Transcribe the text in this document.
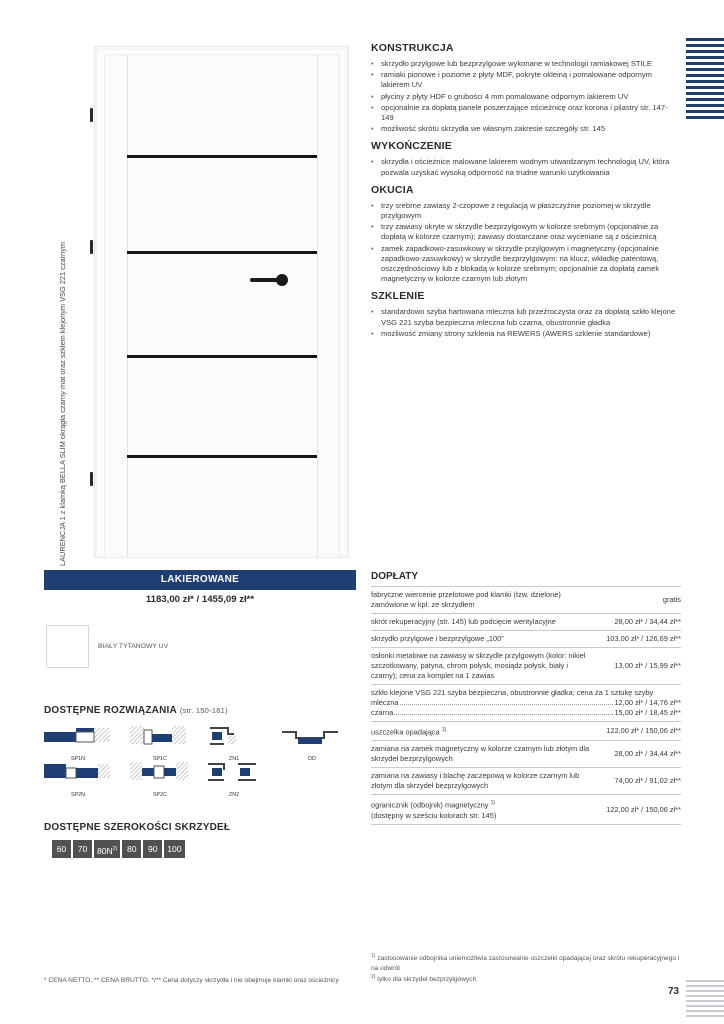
LAURENCJA 1 z klamką BELLA SLIM okrągła czarny mat oraz szkłem klejonym VSG 221 czarnym
KONSTRUKCJA
• skrzydło przylgowe lub bezprzylgowe wykonane w technologii ramiakowej STILE
• ramiaki pionowe i poziome z płyty MDF, pokryte okleiną i pomalowane odpornym lakierem UV
• płyciny z płyty HDF o grubości 4 mm pomalowane odpornym lakierem UV
• opcjonalnie za dopłatą panele poszerzające ościeżnicę oraz korona i pilastry str. 147-149
• możliwość skrótu skrzydła we własnym zakresie szczegóły str. 145
WYKOŃCZENIE
• skrzydła i ościeżnice malowane lakierem wodnym utwardzanym technologią UV, która pozwala uzyskać wysoką odporność na trudne warunki użytkowania
OKUCIA
• trzy srebrne zawiasy 2-czopowe z regulacją w płaszczyźnie poziomej w skrzydle przylgowym
• trzy zawiasy ukryte w skrzydle bezprzylgowym w kolorze srebrnym (opcjonalnie za dopłatą w kolorze czarnym); zawiasy dostarczane oraz wyceniane są z ościeżnicą
• zamek zapadkowo-zasuwkowy w skrzydle przylgowym i magnetyczny (opcjonalnie zapadkowo-zasuwkowy) w skrzydle bezprzylgowym: na klucz, wkładkę patentową, oszczędnościowy lub z blokadą w kolorze srebrnym; opcjonalnie za dopłatą zamek magnetyczny w kolorze czarnym lub złotym
SZKLENIE
• standardowo szyba hartowana mleczna lub przeźroczysta oraz za dopłatą szkło klejone VSG 221 szyba bezpieczna mleczna lub czarna, obustronnie gładka
• możliwość zmiany strony szklenia na REWERS (AWERS szklenie standardowe)
LAKIEROWANE
1183,00 zł* / 1455,09 zł**
BIAŁY TYTANOWY UV
DOSTĘPNE ROZWIĄZANIA (str. 150-161)
SP1N	SP1C	ZN1	DD
SP2N	SP2C	ZN2
DOSTĘPNE SZEROKOŚCI SKRZYDEŁ
60	70	$80N^{2)}$	80	90	100
DOPŁATY
fabryczne wiercenie przelotowe pod klamki (tzw. dzielone) zamówione w kpl. ze skrzydłem	gratis
skrót rekuperacyjny (str. 145) lub podcięcie wentylacyjne	28,00 zł* / 34,44 zł**
skrzydło przylgowe i bezprzylgowe „100”	103,00 zł* / 126,69 zł**
osłonki metalowe na zawiasy w skrzydle przylgowym (kolor: nikiel szczotkowany, patyna, chrom połysk, mosiądz połysk, biały i czarny); cena za komplet na 1 zawias	13,00 zł* / 15,99 zł**

szkło klejone VSG 221 szyba bezpieczna, obustronnie gładka; cena za 1 sztukę szyby
mleczna 12,00 zł* / 14,76 zł**
czarna 15,00 zł* / 18,45 zł**	

uszczelka opadająca $^{1)}$	122,00 zł* / 150,06 zł**
zamiana na zamek magnetyczny w kolorze czarnym lub złotym dla skrzydeł bezprzylgowych	28,00 zł* / 34,44 zł**
zamiana na zawiasy i blachę zaczepową w kolorze czarnym lub złotym dla skrzydeł bezprzylgowych	74,00 zł* / 91,02 zł**
ogranicznik (odbojnik) magnetyczny $^{1)}$
(dostępny w sześciu kolorach str. 145)	122,00 zł* / 150,06 zł**
$^{1)}$ zastosowanie odbojnika uniemożliwia zastosowanie uszczelki opadającej oraz skrótu rekuperacyjnego i na odwrót
$^{2)}$ tylko dla skrzydeł bezprzylgowych
* CENA NETTO, ** CENA BRUTTO, */** Cena dotyczy skrzydła i nie obejmuje klamki oraz ościeżnicy
73
